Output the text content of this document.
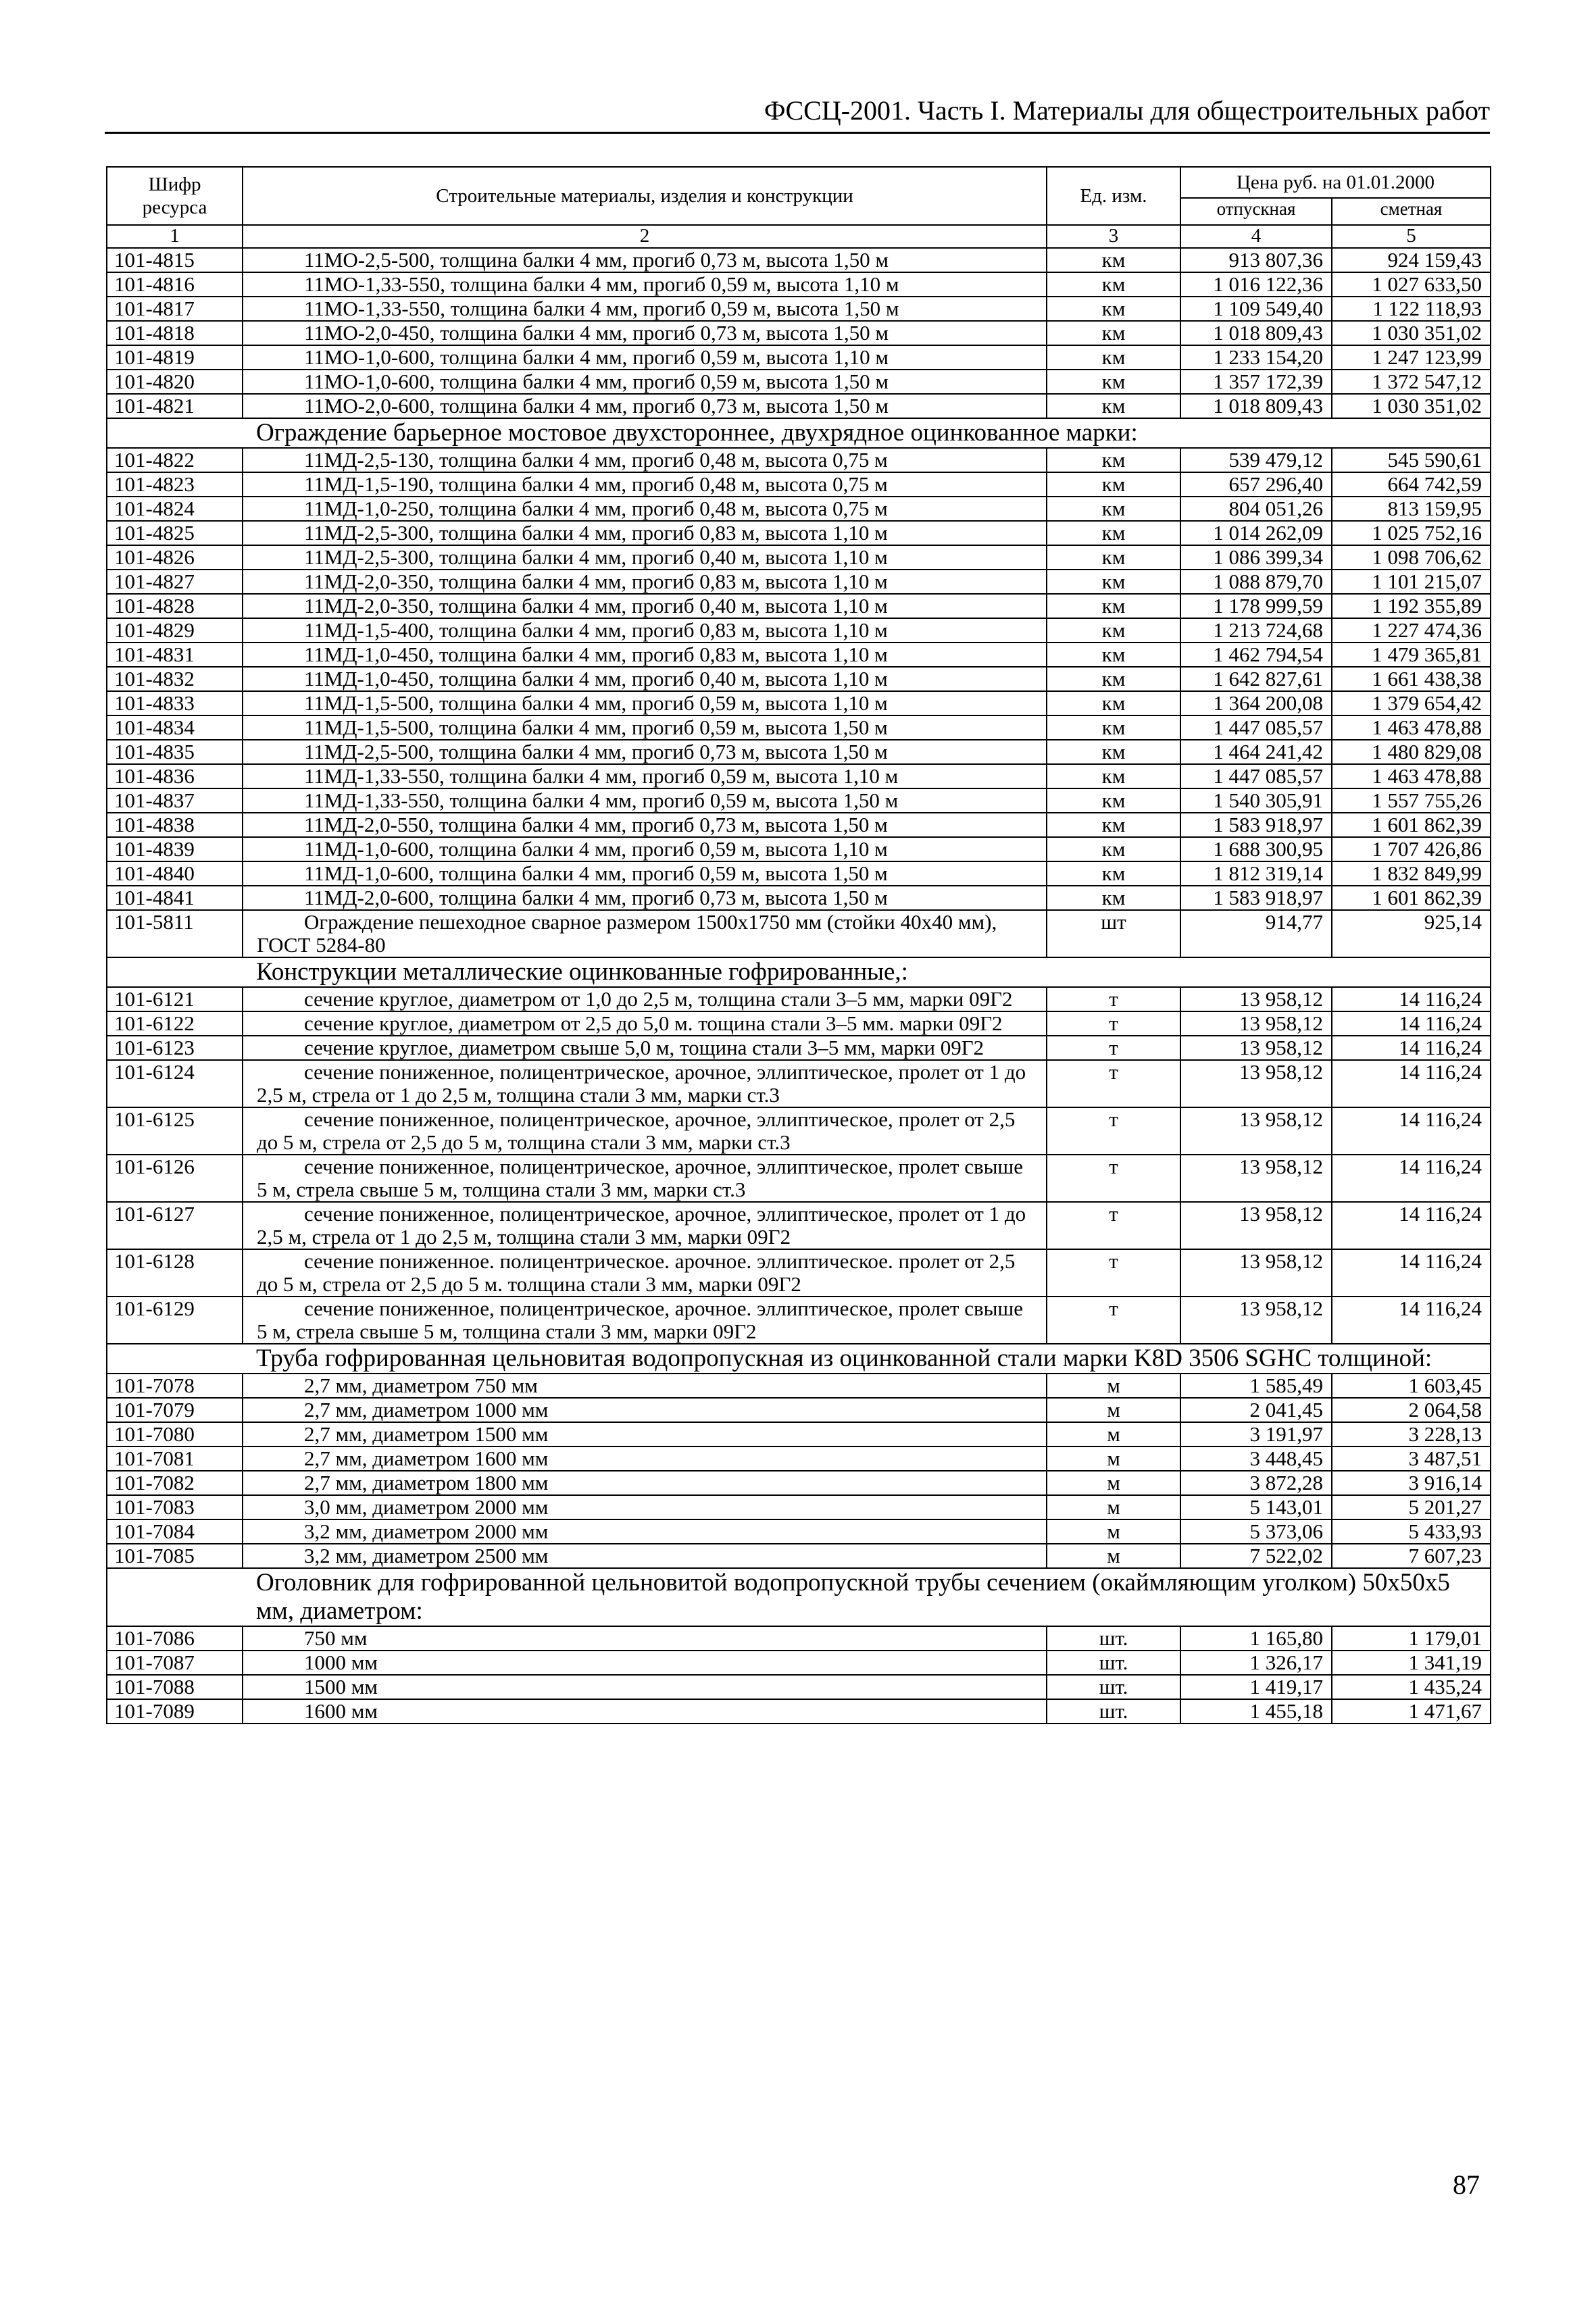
ФССЦ-2001. Часть I. Материалы для общестроительных работ
Шифр ресурса	Строительные материалы, изделия и конструкции	Ед. изм.	Цена руб. на 01.01.2000	
			отпускная	сметная
1	2	3	4	5
101-4815	11МО-2,5-500, толщина балки 4 мм, прогиб 0,73 м, высота 1,50 м	км	913 807,36	924 159,43
101-4816	11МО-1,33-550, толщина балки 4 мм, прогиб 0,59 м, высота 1,10 м	км	1 016 122,36	1 027 633,50
101-4817	11МО-1,33-550, толщина балки 4 мм, прогиб 0,59 м, высота 1,50 м	км	1 109 549,40	1 122 118,93
101-4818	11МО-2,0-450, толщина балки 4 мм, прогиб 0,73 м, высота 1,50 м	км	1 018 809,43	1 030 351,02
101-4819	11МО-1,0-600, толщина балки 4 мм, прогиб 0,59 м, высота 1,10 м	км	1 233 154,20	1 247 123,99
101-4820	11МО-1,0-600, толщина балки 4 мм, прогиб 0,59 м, высота 1,50 м	км	1 357 172,39	1 372 547,12
101-4821	11МО-2,0-600, толщина балки 4 мм, прогиб 0,73 м, высота 1,50 м	км	1 018 809,43	1 030 351,02
Ограждение барьерное мостовое двухстороннее, двухрядное оцинкованное марки:				
101-4822	11МД-2,5-130, толщина балки 4 мм, прогиб 0,48 м, высота 0,75 м	км	539 479,12	545 590,61
101-4823	11МД-1,5-190, толщина балки 4 мм, прогиб 0,48 м, высота 0,75 м	км	657 296,40	664 742,59
101-4824	11МД-1,0-250, толщина балки 4 мм, прогиб 0,48 м, высота 0,75 м	км	804 051,26	813 159,95
101-4825	11МД-2,5-300, толщина балки 4 мм, прогиб 0,83 м, высота 1,10 м	км	1 014 262,09	1 025 752,16
101-4826	11МД-2,5-300, толщина балки 4 мм, прогиб 0,40 м, высота 1,10 м	км	1 086 399,34	1 098 706,62
101-4827	11МД-2,0-350, толщина балки 4 мм, прогиб 0,83 м, высота 1,10 м	км	1 088 879,70	1 101 215,07
101-4828	11МД-2,0-350, толщина балки 4 мм, прогиб 0,40 м, высота 1,10 м	км	1 178 999,59	1 192 355,89
101-4829	11МД-1,5-400, толщина балки 4 мм, прогиб 0,83 м, высота 1,10 м	км	1 213 724,68	1 227 474,36
101-4831	11МД-1,0-450, толщина балки 4 мм, прогиб 0,83 м, высота 1,10 м	км	1 462 794,54	1 479 365,81
101-4832	11МД-1,0-450, толщина балки 4 мм, прогиб 0,40 м, высота 1,10 м	км	1 642 827,61	1 661 438,38
101-4833	11МД-1,5-500, толщина балки 4 мм, прогиб 0,59 м, высота 1,10 м	км	1 364 200,08	1 379 654,42
101-4834	11МД-1,5-500, толщина балки 4 мм, прогиб 0,59 м, высота 1,50 м	км	1 447 085,57	1 463 478,88
101-4835	11МД-2,5-500, толщина балки 4 мм, прогиб 0,73 м, высота 1,50 м	км	1 464 241,42	1 480 829,08
101-4836	11МД-1,33-550, толщина балки 4 мм, прогиб 0,59 м, высота 1,10 м	км	1 447 085,57	1 463 478,88
101-4837	11МД-1,33-550, толщина балки 4 мм, прогиб 0,59 м, высота 1,50 м	км	1 540 305,91	1 557 755,26
101-4838	11МД-2,0-550, толщина балки 4 мм, прогиб 0,73 м, высота 1,50 м	км	1 583 918,97	1 601 862,39
101-4839	11МД-1,0-600, толщина балки 4 мм, прогиб 0,59 м, высота 1,10 м	км	1 688 300,95	1 707 426,86
101-4840	11МД-1,0-600, толщина балки 4 мм, прогиб 0,59 м, высота 1,50 м	км	1 812 319,14	1 832 849,99
101-4841	11МД-2,0-600, толщина балки 4 мм, прогиб 0,73 м, высота 1,50 м	км	1 583 918,97	1 601 862,39
101-5811	Ограждение пешеходное сварное размером 1500х1750 мм (стойки 40х40 мм), ГОСТ 5284-80	шт	914,77	925,14
Конструкции металлические оцинкованные гофрированные,:				
101-6121	сечение круглое, диаметром от 1,0 до 2,5 м, толщина стали 3–5 мм, марки 09Г2	т	13 958,12	14 116,24
101-6122	сечение круглое, диаметром от 2,5 до 5,0 м. тощина стали 3–5 мм. марки 09Г2	т	13 958,12	14 116,24
101-6123	сечение круглое, диаметром свыше 5,0 м, тощина стали 3–5 мм, марки 09Г2	т	13 958,12	14 116,24
101-6124	сечение пониженное, полицентрическое, арочное, эллиптическое, пролет от 1 до 2,5 м, стрела от 1 до 2,5 м, толщина стали 3 мм, марки ст.3	т	13 958,12	14 116,24
101-6125	сечение пониженное, полицентрическое, арочное, эллиптическое, пролет от 2,5 до 5 м, стрела от 2,5 до 5 м, толщина стали 3 мм, марки ст.3	т	13 958,12	14 116,24
101-6126	сечение пониженное, полицентрическое, арочное, эллиптическое, пролет свыше 5 м, стрела свыше 5 м, толщина стали 3 мм, марки ст.3	т	13 958,12	14 116,24
101-6127	сечение пониженное, полицентрическое, арочное, эллиптическое, пролет от 1 до 2,5 м, стрела от 1 до 2,5 м, толщина стали 3 мм, марки 09Г2	т	13 958,12	14 116,24
101-6128	сечение пониженное. полицентрическое. арочное. эллиптическое. пролет от 2,5 до 5 м, стрела от 2,5 до 5 м. толщина стали 3 мм, марки 09Г2	т	13 958,12	14 116,24
101-6129	сечение пониженное, полицентрическое, арочное. эллиптическое, пролет свыше 5 м, стрела свыше 5 м, толщина стали 3 мм, марки 09Г2	т	13 958,12	14 116,24
Труба гофрированная цельновитая водопропускная из оцинкованной стали марки K8D 3506 SGHC толщиной:				
101-7078	2,7 мм, диаметром 750 мм	м	1 585,49	1 603,45
101-7079	2,7 мм, диаметром 1000 мм	м	2 041,45	2 064,58
101-7080	2,7 мм, диаметром 1500 мм	м	3 191,97	3 228,13
101-7081	2,7 мм, диаметром 1600 мм	м	3 448,45	3 487,51
101-7082	2,7 мм, диаметром 1800 мм	м	3 872,28	3 916,14
101-7083	3,0 мм, диаметром 2000 мм	м	5 143,01	5 201,27
101-7084	3,2 мм, диаметром 2000 мм	м	5 373,06	5 433,93
101-7085	3,2 мм, диаметром 2500 мм	м	7 522,02	7 607,23
Оголовник для гофрированной цельновитой водопропускной трубы сечением (окаймляющим уголком) 50х50х5 мм, диаметром:				
101-7086	750 мм	шт.	1 165,80	1 179,01
101-7087	1000 мм	шт.	1 326,17	1 341,19
101-7088	1500 мм	шт.	1 419,17	1 435,24
101-7089	1600 мм	шт.	1 455,18	1 471,67
87
